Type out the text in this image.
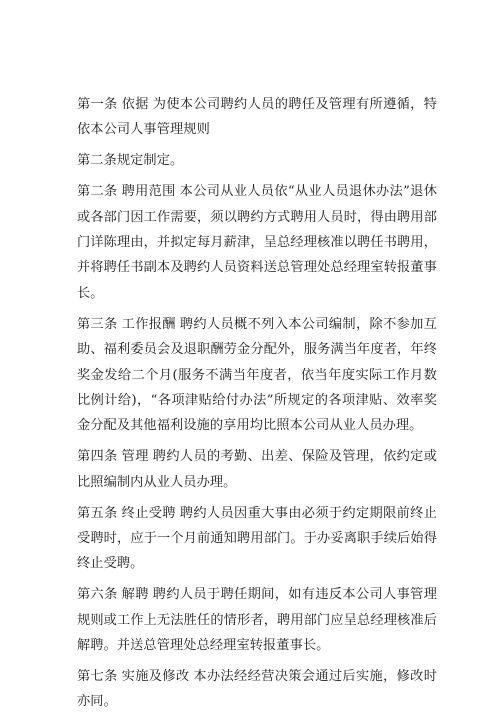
第一条 依据 为使本公司聘约人员的聘任及管理有所遵循，特依本公司人事管理规则

第二条规定制定。

第二条 聘用范围 本公司从业人员依“从业人员退休办法”退休或各部门因工作需要，须以聘约方式聘用人员时，得由聘用部门详陈理由，并拟定每月薪津，呈总经理核准以聘任书聘用，并将聘任书副本及聘约人员资料送总管理处总经理室转报董事长。

第三条 工作报酬 聘约人员概不列入本公司编制，除不参加互助、福利委员会及退职酬劳金分配外，服务满当年度者，年终奖金发给二个月(服务不满当年度者，依当年度实际工作月数比例计给)，“各项津贴给付办法”所规定的各项津贴、效率奖金分配及其他福利设施的享用均比照本公司从业人员办理。

第四条 管理 聘约人员的考勤、出差、保险及管理，依约定或比照编制内从业人员办理。

第五条 终止受聘 聘约人员因重大事由必须于约定期限前终止受聘时，应于一个月前通知聘用部门。于办妥离职手续后始得终止受聘。

第六条 解聘 聘约人员于聘任期间，如有违反本公司人事管理规则或工作上无法胜任的情形者，聘用部门应呈总经理核准后解聘。并送总管理处总经理室转报董事长。

第七条 实施及修改 本办法经经营决策会通过后实施，修改时亦同。
